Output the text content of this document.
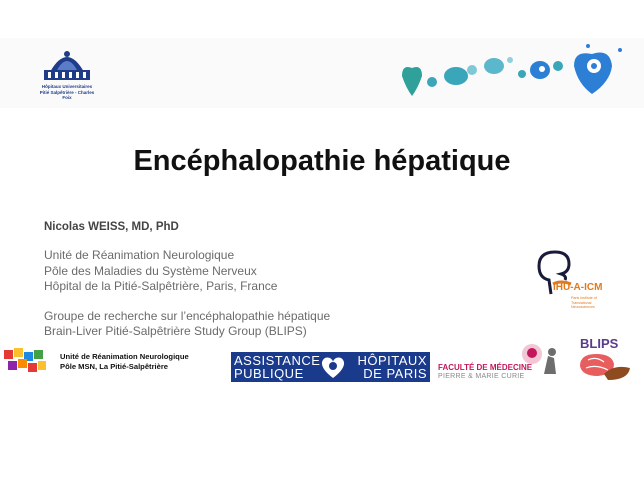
Hôpitaux Universitaires
Pitié Salpêtrière - Charles Foix
Encéphalopathie hépatique
Nicolas WEISS, MD, PhD
Unité de Réanimation Neurologique
Pôle des Maladies du Système Nerveux
Hôpital de la Pitié-Salpêtrière, Paris, France
Groupe de recherche sur l’encéphalopathie hépatique
Brain-Liver Pitié-Salpêtrière Study Group (BLIPS)
IHU-A-ICM
Paris Institute of Translational Neurosciences
Unité de Réanimation Neurologique
Pôle MSN, La Pitié-Salpêtrière	ASSISTANCE
PUBLIQUE
HÔPITAUX
DE PARIS FACULTÉ DE MÉDECINE
PIERRE & MARIE CURIE
BLIPS
